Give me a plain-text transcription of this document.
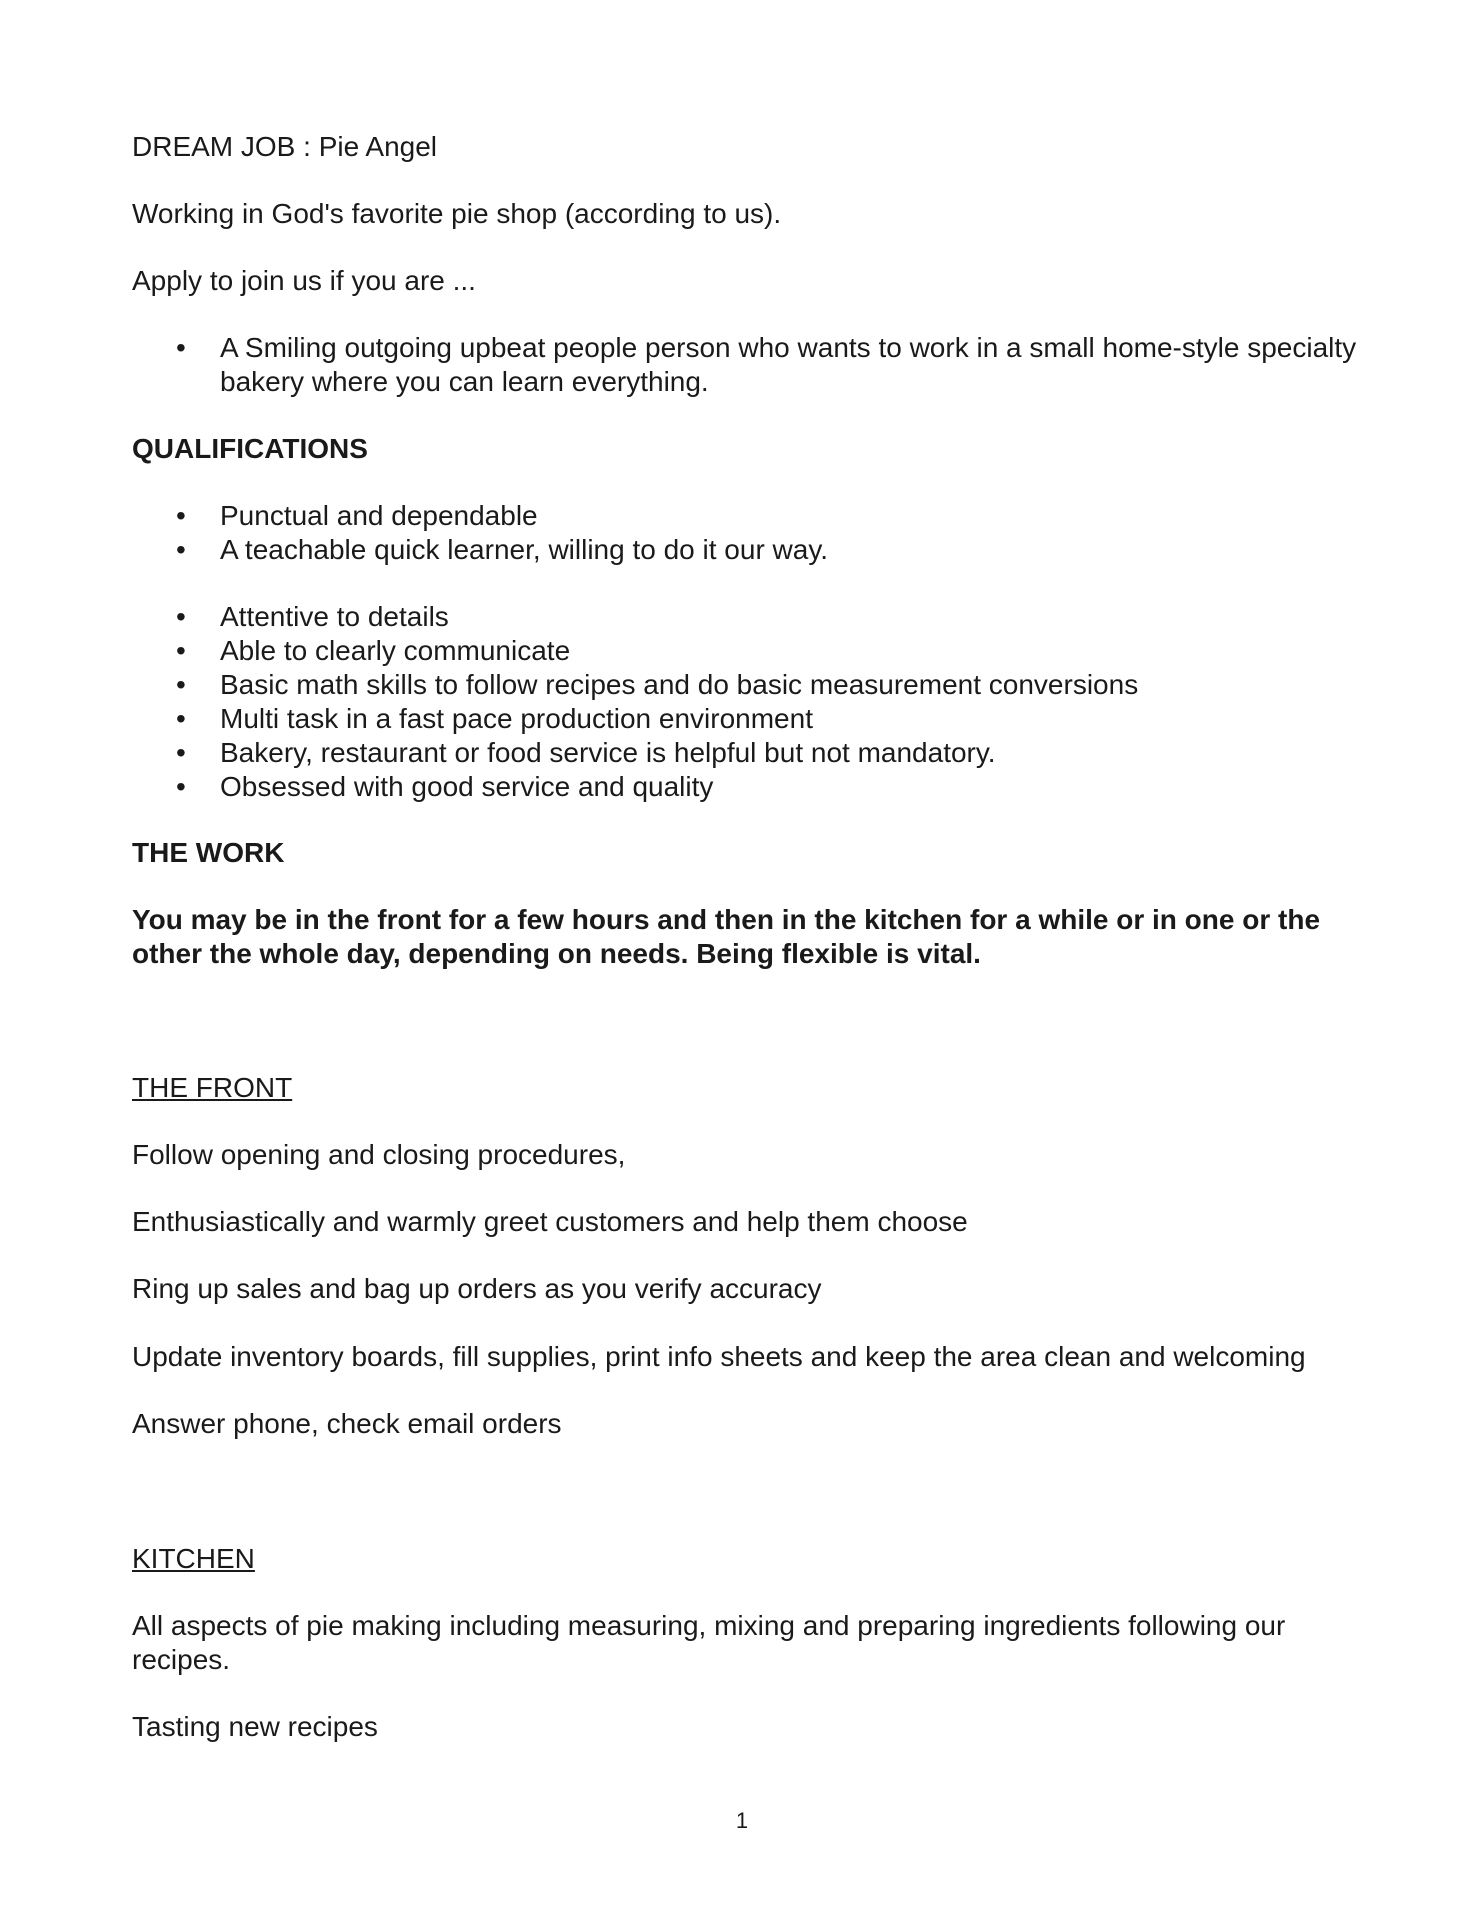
DREAM JOB : Pie Angel
Working in God's favorite pie shop (according to us).
Apply to join us if you are ...
• A Smiling outgoing upbeat people person who wants to work in a small home-style specialty bakery where you can learn everything.
QUALIFICATIONS
• Punctual and dependable
• A teachable quick learner, willing to do it our way.
• Attentive to details
• Able to clearly communicate
• Basic math skills to follow recipes and do basic measurement conversions
• Multi task in a fast pace production environment
• Bakery, restaurant or food service is helpful but not mandatory.
• Obsessed with good service and quality
THE WORK
You may be in the front for a few hours and then in the kitchen for a while or in one or the other the whole day, depending on needs. Being flexible is vital.
THE FRONT
Follow opening and closing procedures,
Enthusiastically and warmly greet customers and help them choose
Ring up sales and bag up orders as you verify accuracy
Update inventory boards, fill supplies, print info sheets and keep the area clean and welcoming
Answer phone, check email orders
KITCHEN
All aspects of pie making including measuring, mixing and preparing ingredients following our recipes.
Tasting new recipes
1
